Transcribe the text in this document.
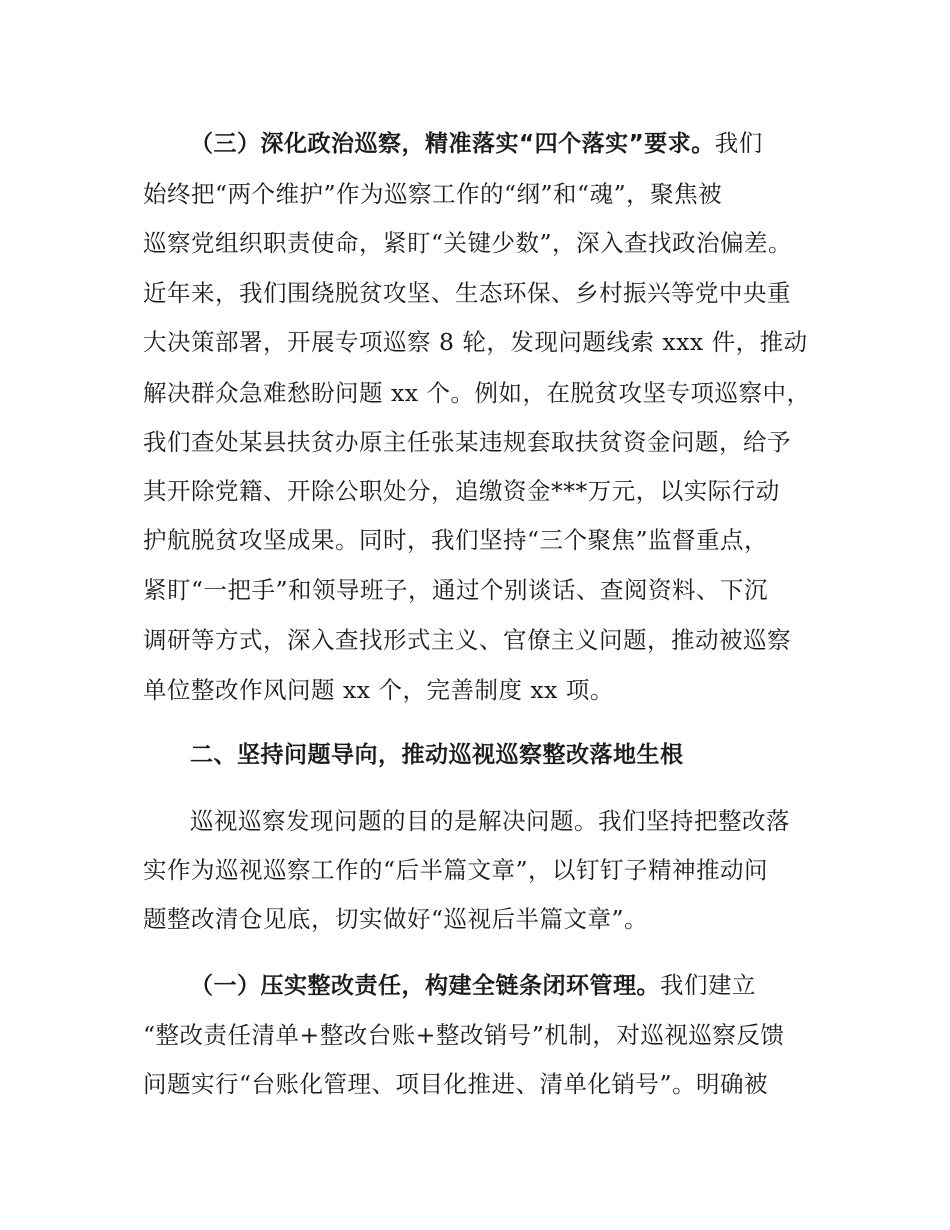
（三）深化政治巡察，精准落实“四个落实”要求。我们
始终把“两个维护”作为巡察工作的“纲”和“魂”，聚焦被
巡察党组织职责使命，紧盯“关键少数”，深入查找政治偏差。
近年来，我们围绕脱贫攻坚、生态环保、乡村振兴等党中央重
大决策部署，开展专项巡察 8 轮，发现问题线索 xxx 件，推动
解决群众急难愁盼问题 xx 个。例如，在脱贫攻坚专项巡察中，
我们查处某县扶贫办原主任张某违规套取扶贫资金问题，给予
其开除党籍、开除公职处分，追缴资金***万元，以实际行动
护航脱贫攻坚成果。同时，我们坚持“三个聚焦”监督重点，
紧盯“一把手”和领导班子，通过个别谈话、查阅资料、下沉
调研等方式，深入查找形式主义、官僚主义问题，推动被巡察
单位整改作风问题 xx 个，完善制度 xx 项。
二、坚持问题导向，推动巡视巡察整改落地生根
巡视巡察发现问题的目的是解决问题。我们坚持把整改落
实作为巡视巡察工作的“后半篇文章”，以钉钉子精神推动问
题整改清仓见底，切实做好“巡视后半篇文章”。
（一）压实整改责任，构建全链条闭环管理。我们建立
“整改责任清单+整改台账+整改销号”机制，对巡视巡察反馈
问题实行“台账化管理、项目化推进、清单化销号”。明确被
